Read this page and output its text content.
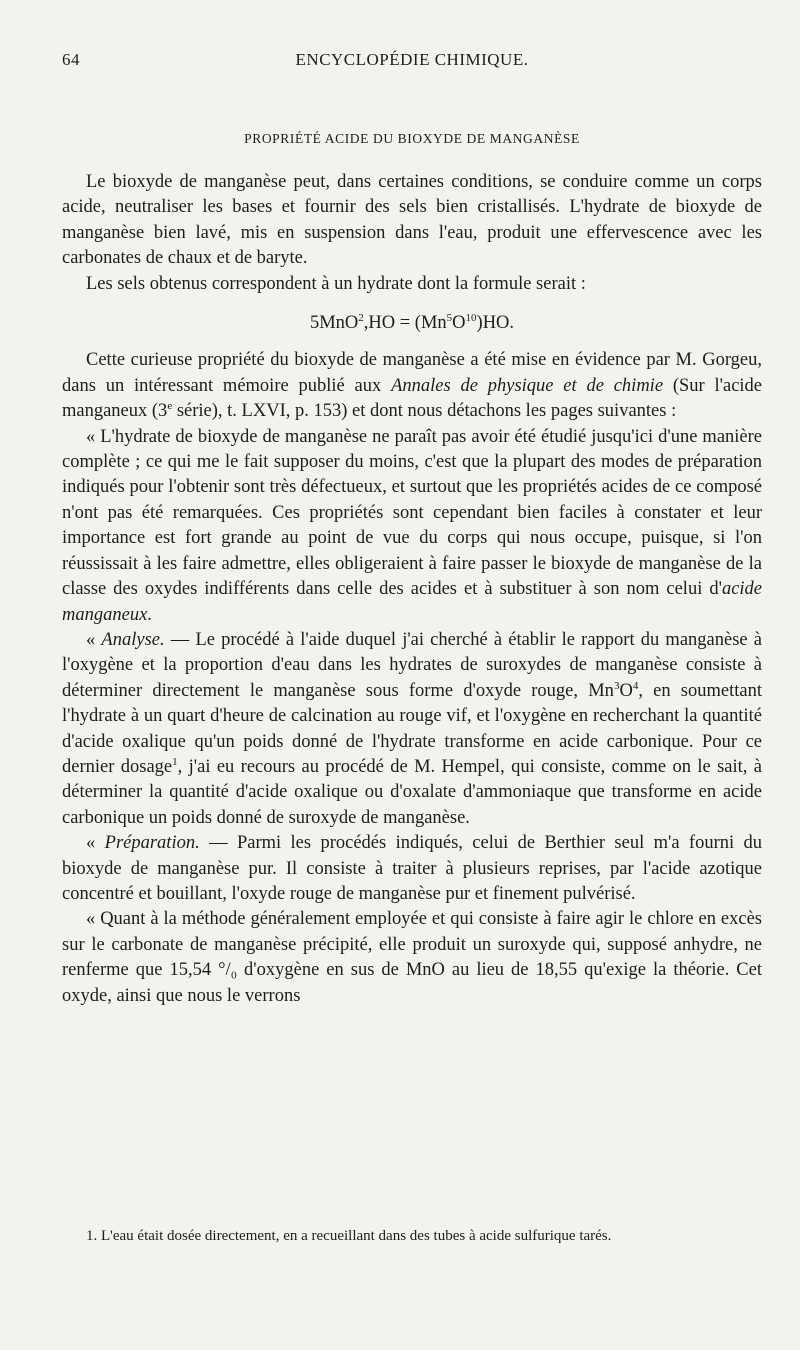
64	ENCYCLOPÉDIE CHIMIQUE.
PROPRIÉTÉ ACIDE DU BIOXYDE DE MANGANÈSE

Le bioxyde de manganèse peut, dans certaines conditions, se conduire comme un corps acide, neutraliser les bases et fournir des sels bien cristallisés. L'hydrate de bioxyde de manganèse bien lavé, mis en suspension dans l'eau, produit une effervescence avec les carbonates de chaux et de baryte.

Les sels obtenus correspondent à un hydrate dont la formule serait :

$5MnO^2,HO = (Mn^5O^{10})HO$.

Cette curieuse propriété du bioxyde de manganèse a été mise en évidence par M. Gorgeu, dans un intéressant mémoire publié aux Annales de physique et de chimie (Sur l'acide manganeux (3e série), t. LXVI, p. 153) et dont nous détachons les pages suivantes :

« L'hydrate de bioxyde de manganèse ne paraît pas avoir été étudié jusqu'ici d'une manière complète ; ce qui me le fait supposer du moins, c'est que la plupart des modes de préparation indiqués pour l'obtenir sont très défectueux, et surtout que les propriétés acides de ce composé n'ont pas été remarquées. Ces propriétés sont cependant bien faciles à constater et leur importance est fort grande au point de vue du corps qui nous occupe, puisque, si l'on réussissait à les faire admettre, elles obligeraient à faire passer le bioxyde de manganèse de la classe des oxydes indifférents dans celle des acides et à substituer à son nom celui d'acide manganeux.

« Analyse. — Le procédé à l'aide duquel j'ai cherché à établir le rapport du manganèse à l'oxygène et la proportion d'eau dans les hydrates de suroxydes de manganèse consiste à déterminer directement le manganèse sous forme d'oxyde rouge, $Mn^3O^4$, en soumettant l'hydrate à un quart d'heure de calcination au rouge vif, et l'oxygène en recherchant la quantité d'acide oxalique qu'un poids donné de l'hydrate transforme en acide carbonique. Pour ce dernier dosage$^1$, j'ai eu recours au procédé de M. Hempel, qui consiste, comme on le sait, à déterminer la quantité d'acide oxalique ou d'oxalate d'ammoniaque que transforme en acide carbonique un poids donné de suroxyde de manganèse.

« Préparation. — Parmi les procédés indiqués, celui de Berthier seul m'a fourni du bioxyde de manganèse pur. Il consiste à traiter à plusieurs reprises, par l'acide azotique concentré et bouillant, l'oxyde rouge de manganèse pur et finement pulvérisé.

« Quant à la méthode généralement employée et qui consiste à faire agir le chlore en excès sur le carbonate de manganèse précipité, elle produit un suroxyde qui, supposé anhydre, ne renferme que 15,54 °/₀ d'oxygène en sus de MnO au lieu de 18,55 qu'exige la théorie. Cet oxyde, ainsi que nous le verrons

1. L'eau était dosée directement, en a recueillant dans des tubes à acide sulfurique tarés.
